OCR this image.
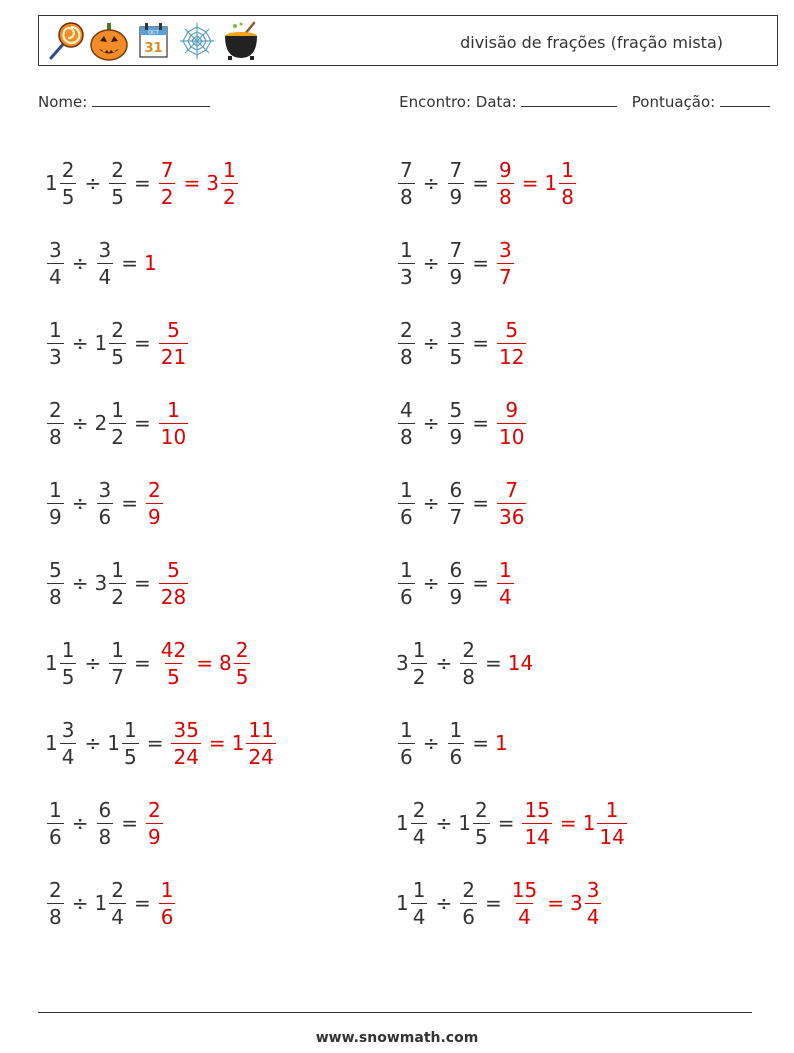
OCT
31	divisão de frações (fração mista)
Nome:	Encontro: Data:	Pontuação:
$1 \frac{2}{5} \div \frac{2}{5} = \frac{7}{2} = 3 \frac{1}{2}$
$\frac{3}{4} \div \frac{3}{4} = 1$
$\frac{1}{3} \div 1 \frac{2}{5} = \frac{5}{21}$
$\frac{2}{8} \div 2 \frac{1}{2} = \frac{1}{10}$
$\frac{1}{9} \div \frac{3}{6} = \frac{2}{9}$
$\frac{5}{8} \div 3 \frac{1}{2} = \frac{5}{28}$
$1 \frac{1}{5} \div \frac{1}{7} = \frac{42}{5} = 8 \frac{2}{5}$
$1 \frac{3}{4} \div 1 \frac{1}{5} = \frac{35}{24} = 1 \frac{11}{24}$
$\frac{1}{6} \div \frac{6}{8} = \frac{2}{9}$
$\frac{2}{8} \div 1 \frac{2}{4} = \frac{1}{6}$
$\frac{7}{8} \div \frac{7}{9} = \frac{9}{8} = 1 \frac{1}{8}$
$\frac{1}{3} \div \frac{7}{9} = \frac{3}{7}$
$\frac{2}{8} \div \frac{3}{5} = \frac{5}{12}$
$\frac{4}{8} \div \frac{5}{9} = \frac{9}{10}$
$\frac{1}{6} \div \frac{6}{7} = \frac{7}{36}$
$\frac{1}{6} \div \frac{6}{9} = \frac{1}{4}$
$3 \frac{1}{2} \div \frac{2}{8} = 14$
$\frac{1}{6} \div \frac{1}{6} = 1$
$1 \frac{2}{4} \div 1 \frac{2}{5} = \frac{15}{14} = 1 \frac{1}{14}$
$1 \frac{1}{4} \div \frac{2}{6} = \frac{15}{4} = 3 \frac{3}{4}$
www.snowmath.com
